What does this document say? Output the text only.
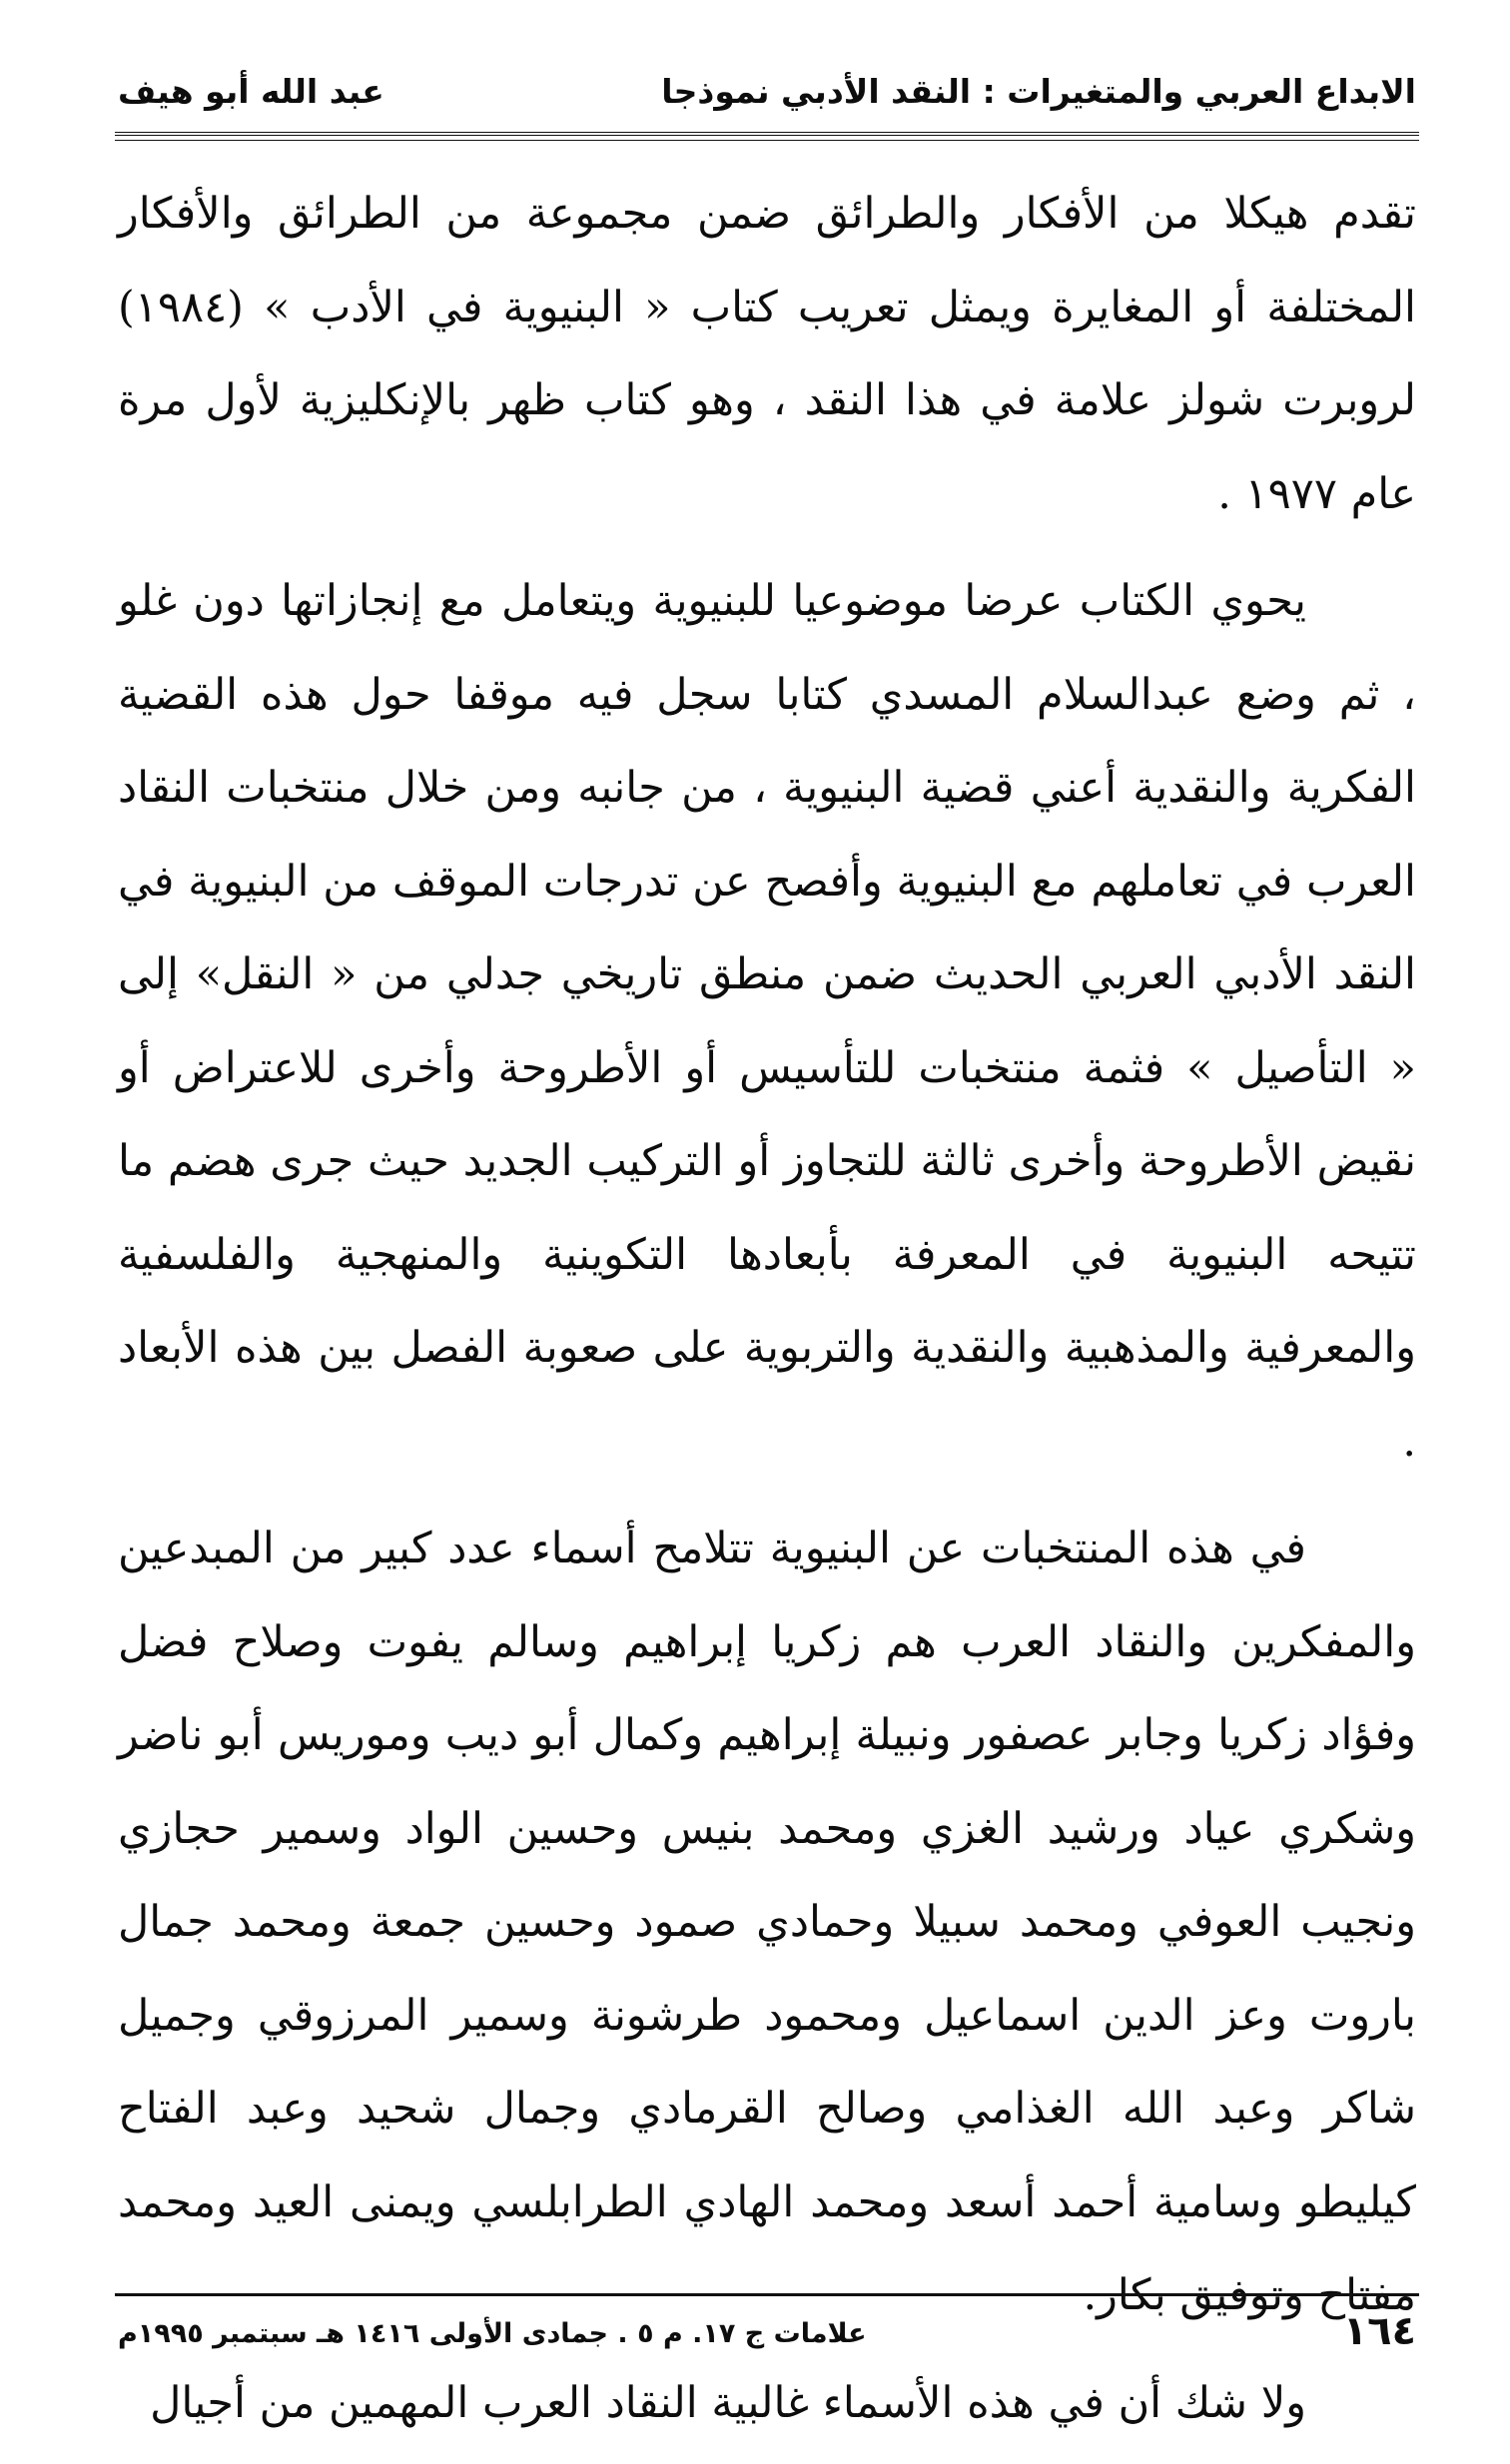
الابداع العربي والمتغيرات : النقد الأدبي نموذجا
عبد الله أبو هيف

تقدم هيكلا من الأفكار والطرائق ضمن مجموعة من الطرائق والأفكار المختلفة أو المغايرة ويمثل تعريب كتاب « البنيوية في الأدب » (١٩٨٤) لروبرت شولز علامة في هذا النقد ، وهو كتاب ظهر بالإنكليزية لأول مرة عام ١٩٧٧ .

يحوي الكتاب عرضا موضوعيا للبنيوية ويتعامل مع إنجازاتها دون غلو ، ثم وضع عبدالسلام المسدي كتابا سجل فيه موقفا حول هذه القضية الفكرية والنقدية أعني قضية البنيوية ، من جانبه ومن خلال منتخبات النقاد العرب في تعاملهم مع البنيوية وأفصح عن تدرجات الموقف من البنيوية في النقد الأدبي العربي الحديث ضمن منطق تاريخي جدلي من « النقل» إلى « التأصيل » فثمة منتخبات للتأسيس أو الأطروحة وأخرى للاعتراض أو نقيض الأطروحة وأخرى ثالثة للتجاوز أو التركيب الجديد حيث جرى هضم ما تتيحه البنيوية في المعرفة بأبعادها التكوينية والمنهجية والفلسفية والمعرفية والمذهبية والنقدية والتربوية على صعوبة الفصل بين هذه الأبعاد .

في هذه المنتخبات عن البنيوية تتلامح أسماء عدد كبير من المبدعين والمفكرين والنقاد العرب هم زكريا إبراهيم وسالم يفوت وصلاح فضل وفؤاد زكريا وجابر عصفور ونبيلة إبراهيم وكمال أبو ديب وموريس أبو ناضر وشكري عياد ورشيد الغزي ومحمد بنيس وحسين الواد وسمير حجازي ونجيب العوفي ومحمد سبيلا وحمادي صمود وحسين جمعة ومحمد جمال باروت وعز الدين اسماعيل ومحمود طرشونة وسمير المرزوقي وجميل شاكر وعبد الله الغذامي وصالح القرمادي وجمال شحيد وعبد الفتاح كيليطو وسامية أحمد أسعد ومحمد الهادي الطرابلسي ويمنى العيد ومحمد مفتاح وتوفيق بكار.

ولا شك أن في هذه الأسماء غالبية النقاد العرب المهمين من أجيال

١٦٤
علامات ج ١٧. م ٥ . جمادى الأولى ١٤١٦ هـ سبتمبر ١٩٩٥م
